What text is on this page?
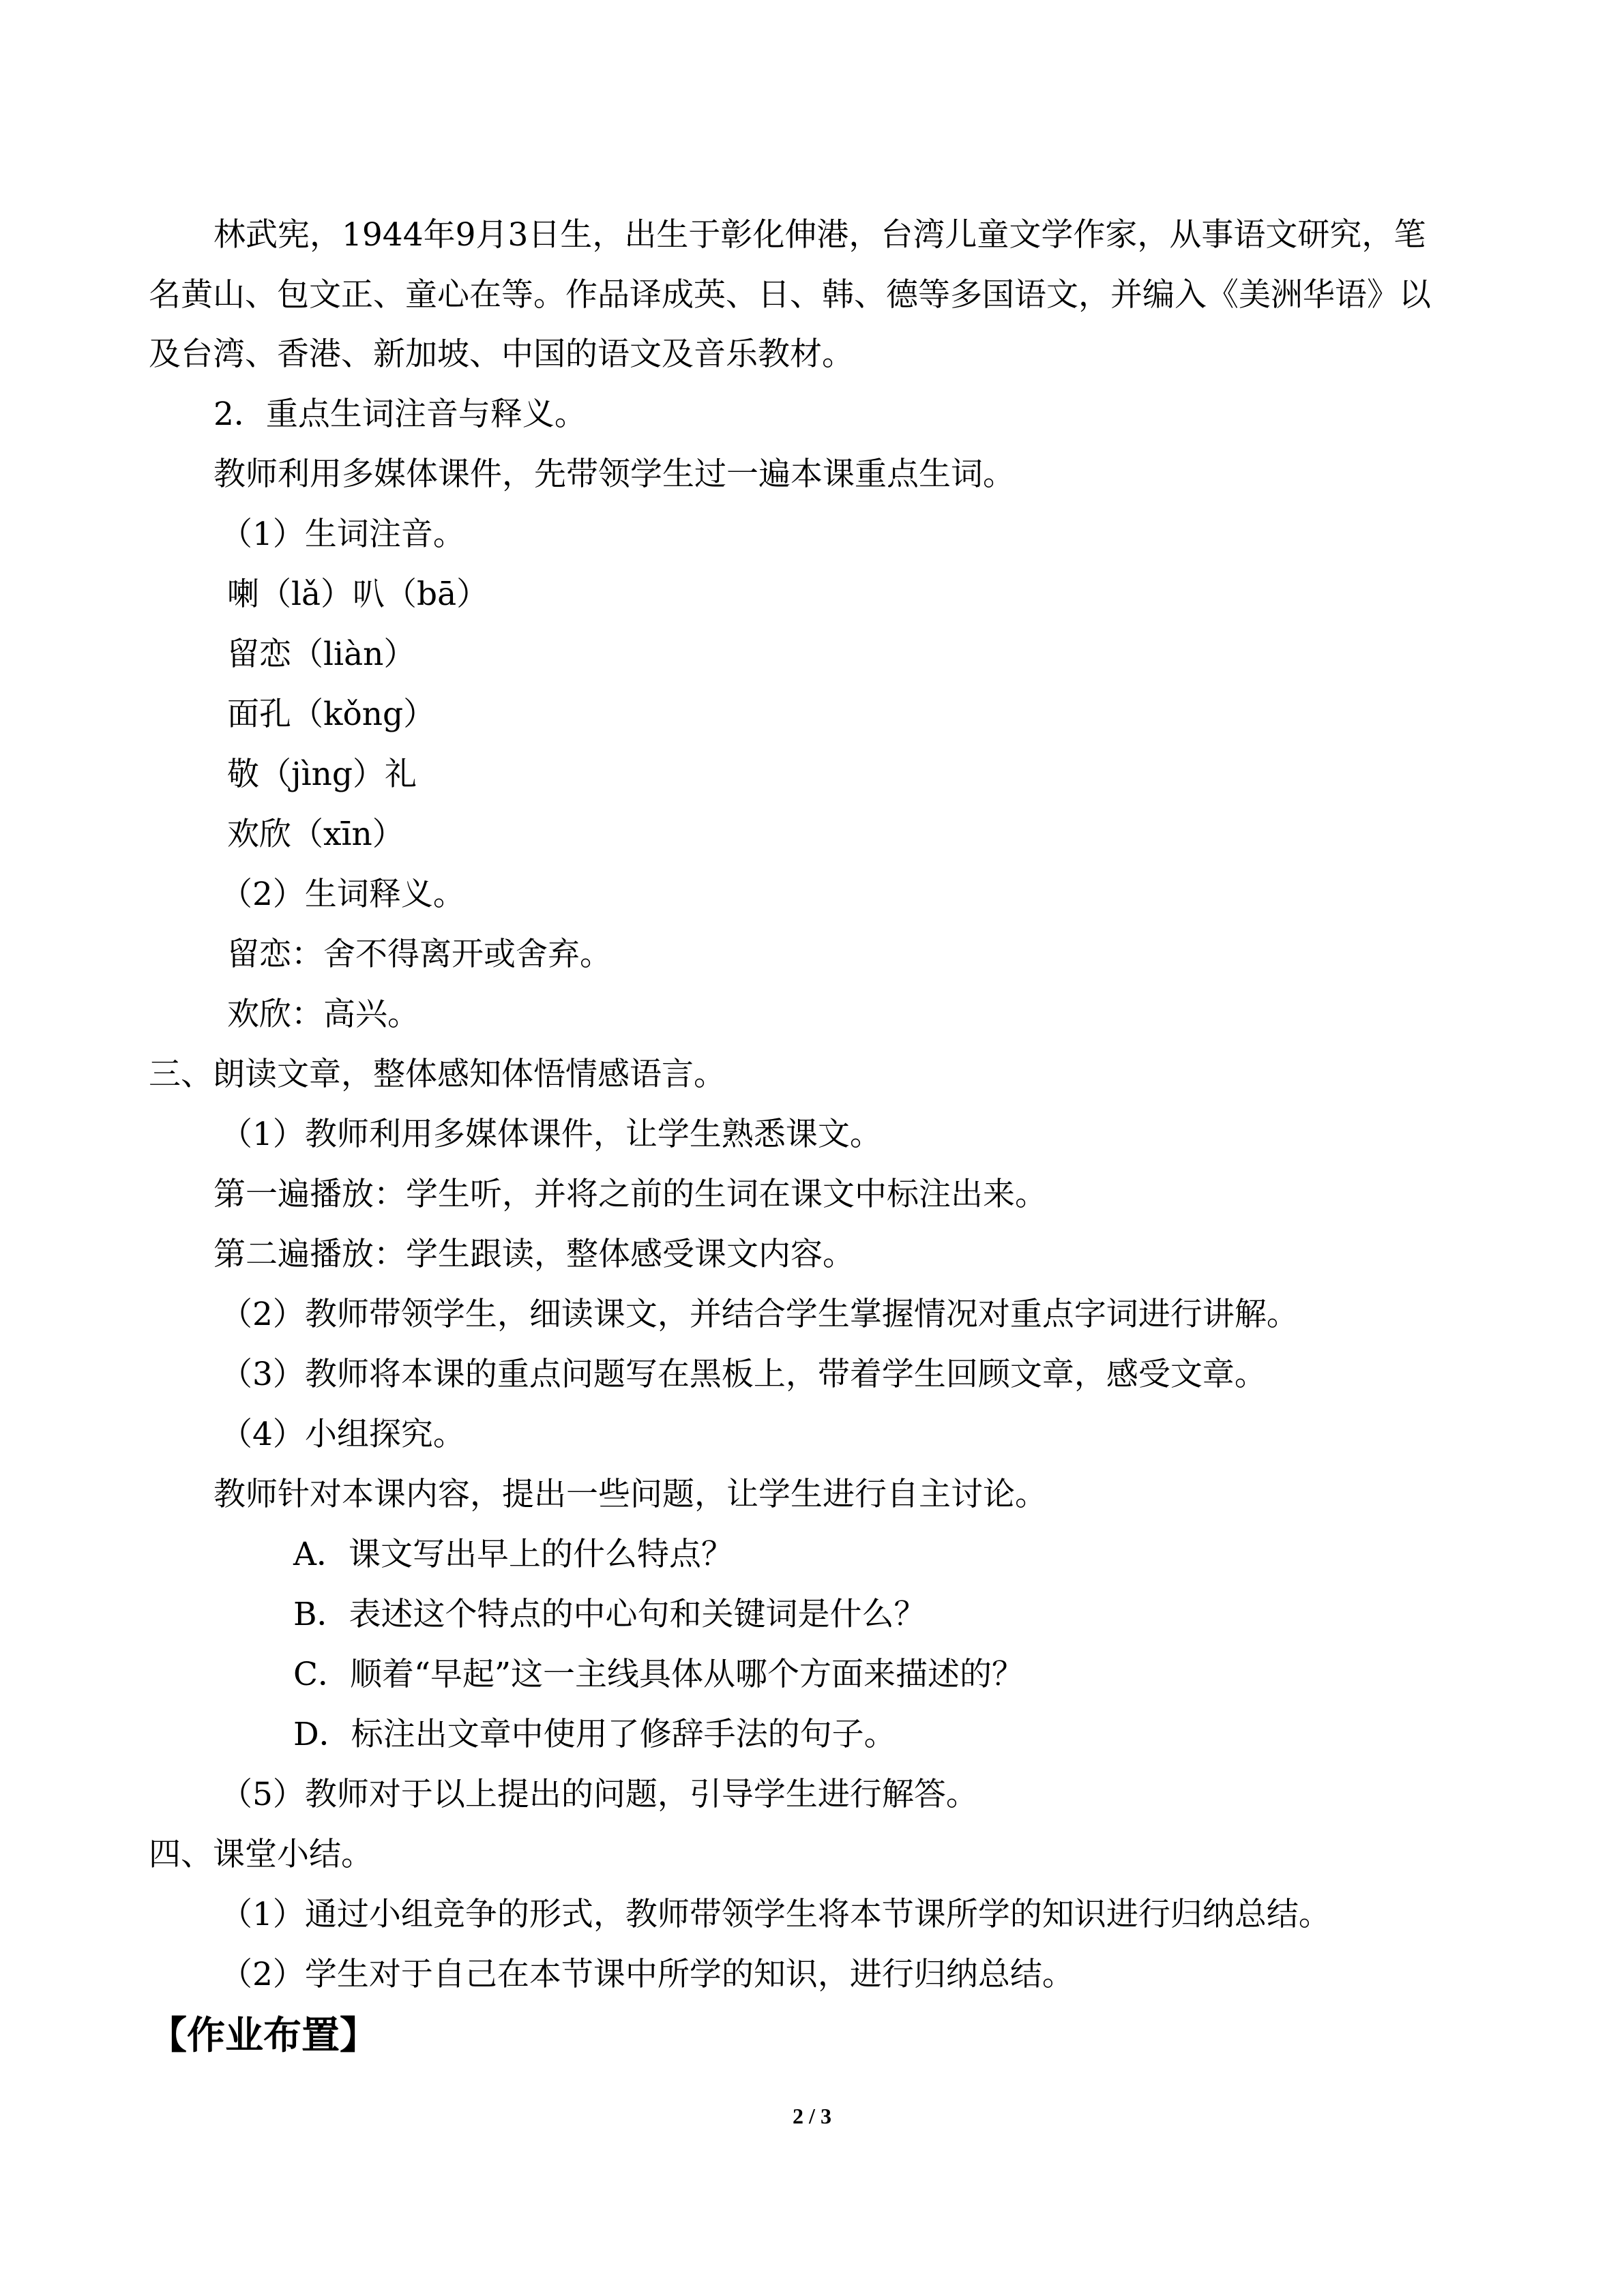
林武宪，1944年9月3日生，出生于彰化伸港，台湾儿童文学作家，从事语文研究，笔
名黄山、包文正、童心在等。作品译成英、日、韩、德等多国语文，并编入《美洲华语》以
及台湾、香港、新加坡、中国的语文及音乐教材。
2．重点生词注音与释义。
教师利用多媒体课件，先带领学生过一遍本课重点生词。
（1）生词注音。
喇（lǎ）叭（bā）
留恋（liàn）
面孔（kǒng）
敬（jìng）礼
欢欣（xīn）
（2）生词释义。
留恋：舍不得离开或舍弃。
欢欣：高兴。
三、朗读文章，整体感知体悟情感语言。
（1）教师利用多媒体课件，让学生熟悉课文。
第一遍播放：学生听，并将之前的生词在课文中标注出来。
第二遍播放：学生跟读，整体感受课文内容。
（2）教师带领学生，细读课文，并结合学生掌握情况对重点字词进行讲解。
（3）教师将本课的重点问题写在黑板上，带着学生回顾文章，感受文章。
（4）小组探究。
教师针对本课内容，提出一些问题，让学生进行自主讨论。
A．课文写出早上的什么特点？
B．表述这个特点的中心句和关键词是什么？
C．顺着“早起”这一主线具体从哪个方面来描述的？
D．标注出文章中使用了修辞手法的句子。
（5）教师对于以上提出的问题，引导学生进行解答。
四、课堂小结。
（1）通过小组竞争的形式，教师带领学生将本节课所学的知识进行归纳总结。
（2）学生对于自己在本节课中所学的知识，进行归纳总结。
【作业布置】
2 / 3
